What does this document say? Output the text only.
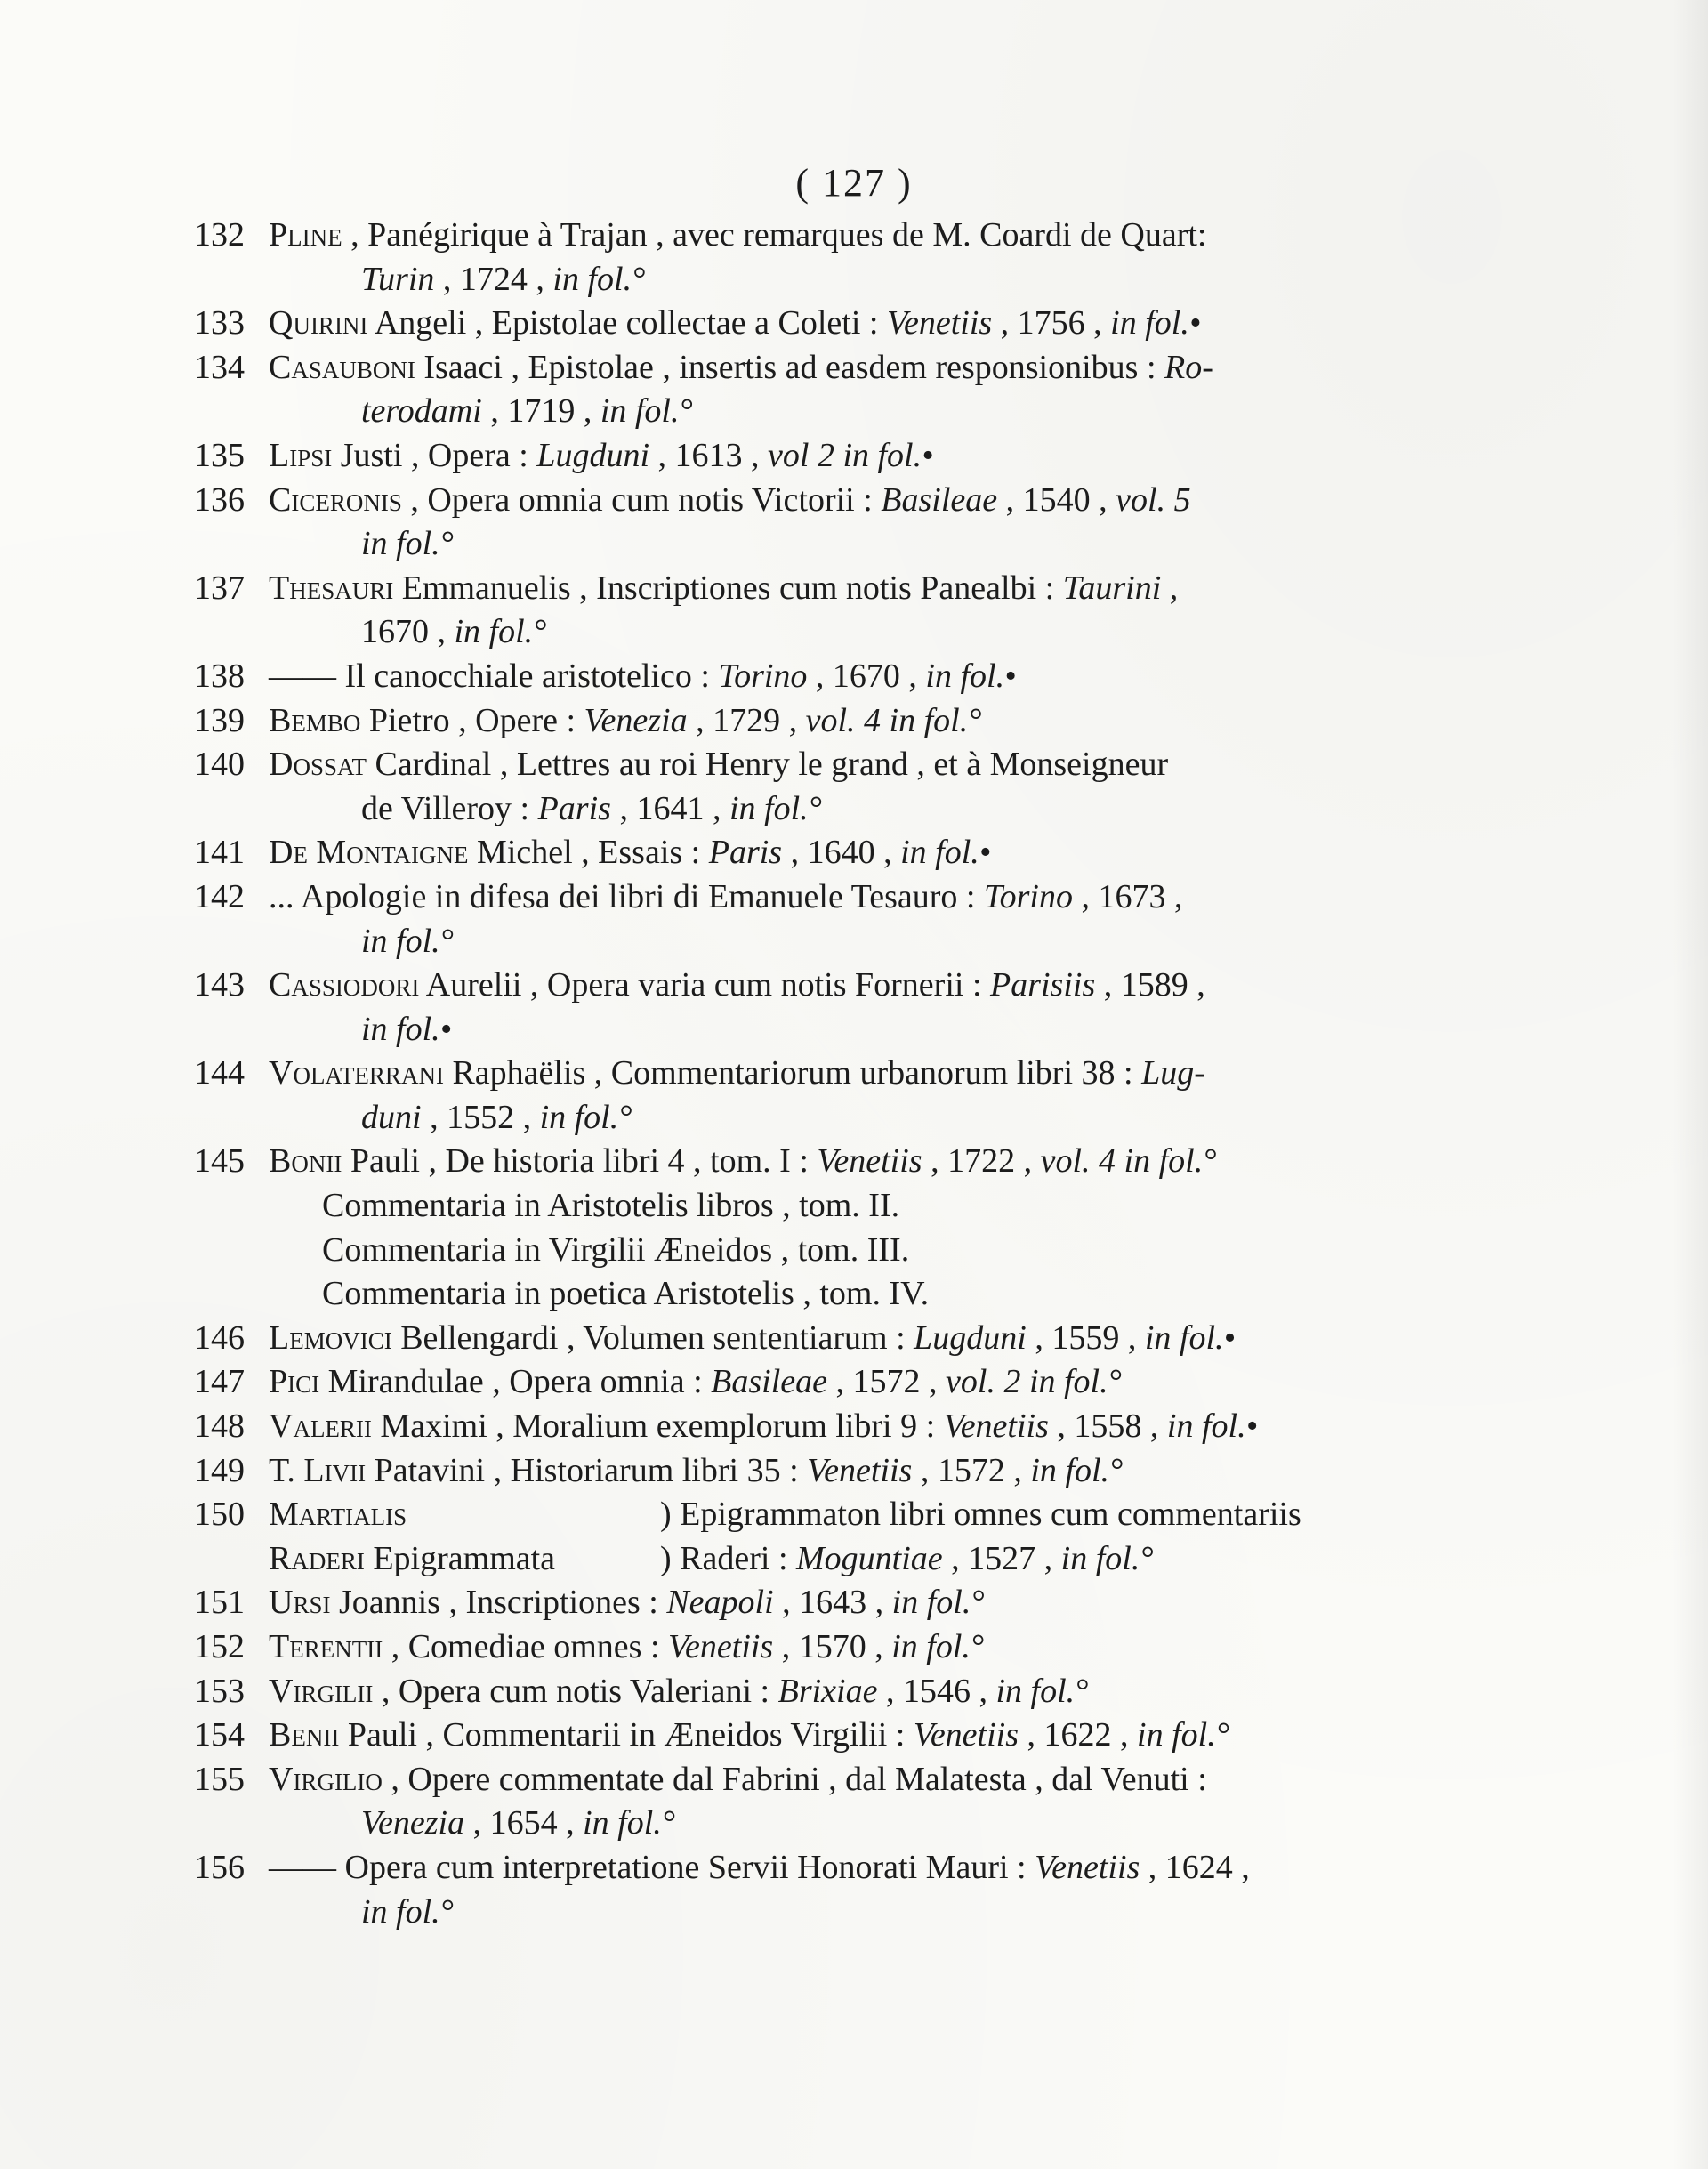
( 127 )
132 Pline , Panégirique à Trajan , avec remarques de M. Coardi de Quart:
Turin , 1724 , in fol.°
133 Quirini Angeli , Epistolae collectae a Coleti : Venetiis , 1756 , in fol.•
134 Casauboni Isaaci , Epistolae , insertis ad easdem responsionibus : Ro-
terodami , 1719 , in fol.°
135 Lipsi Justi , Opera : Lugduni , 1613 , vol 2 in fol.•
136 Ciceronis , Opera omnia cum notis Victorii : Basileae , 1540 , vol. 5
in fol.°
137 Thesauri Emmanuelis , Inscriptiones cum notis Panealbi : Taurini ,
1670 , in fol.°
138 —— Il canocchiale aristotelico : Torino , 1670 , in fol.•
139 Bembo Pietro , Opere : Venezia , 1729 , vol. 4 in fol.°
140 Dossat Cardinal , Lettres au roi Henry le grand , et à Monseigneur
de Villeroy : Paris , 1641 , in fol.°
141 De Montaigne Michel , Essais : Paris , 1640 , in fol.•
142 ... Apologie in difesa dei libri di Emanuele Tesauro : Torino , 1673 ,
in fol.°
143 Cassiodori Aurelii , Opera varia cum notis Fornerii : Parisiis , 1589 ,
in fol.•
144 Volaterrani Raphaëlis , Commentariorum urbanorum libri 38 : Lug-
duni , 1552 , in fol.°
145 Bonii Pauli , De historia libri 4 , tom. I : Venetiis , 1722 , vol. 4 in fol.°
Commentaria in Aristotelis libros , tom. II.
Commentaria in Virgilii Æneidos , tom. III.
Commentaria in poetica Aristotelis , tom. IV.
146 Lemovici Bellengardi , Volumen sententiarum : Lugduni , 1559 , in fol.•
147 Pici Mirandulae , Opera omnia : Basileae , 1572 , vol. 2 in fol.°
148 Valerii Maximi , Moralium exemplorum libri 9 : Venetiis , 1558 , in fol.•
149 T. Livii Patavini , Historiarum libri 35 : Venetiis , 1572 , in fol.°
150 Martialis	) Epigrammaton libri omnes cum commentariis
Raderi Epigrammata	) Raderi : Moguntiae , 1527 , in fol.°
151 Ursi Joannis , Inscriptiones : Neapoli , 1643 , in fol.°
152 Terentii , Comediae omnes : Venetiis , 1570 , in fol.°
153 Virgilii , Opera cum notis Valeriani : Brixiae , 1546 , in fol.°
154 Benii Pauli , Commentarii in Æneidos Virgilii : Venetiis , 1622 , in fol.°
155 Virgilio , Opere commentate dal Fabrini , dal Malatesta , dal Venuti :
Venezia , 1654 , in fol.°
156 —— Opera cum interpretatione Servii Honorati Mauri : Venetiis , 1624 ,
in fol.°
